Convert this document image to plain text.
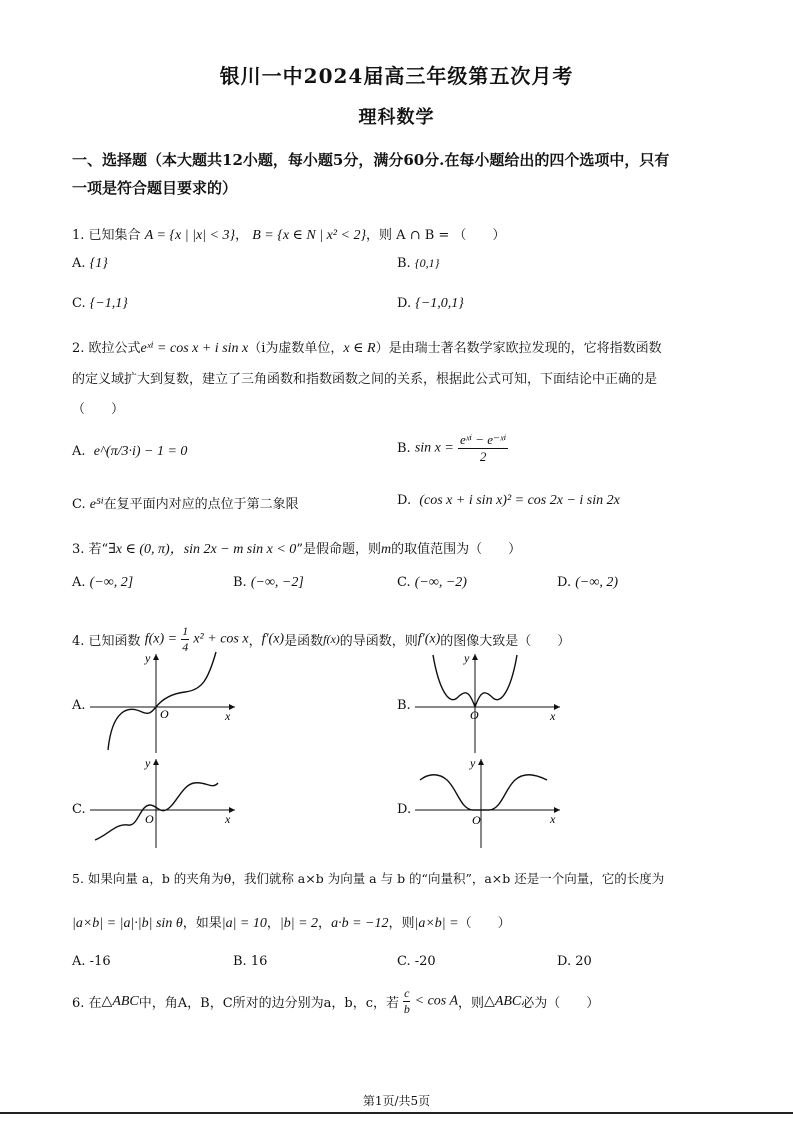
银川一中2024届高三年级第五次月考
理科数学
一、选择题（本大题共12小题，每小题5分，满分60分.在每小题给出的四个选项中，只有
一项是符合题目要求的）
1. 已知集合 A = {x | |x| < 3}， B = {x ∈ N | x² < 2}，则 A ∩ B = （　　）
A. {1}	B. {0,1}
C. {−1,1}	D. {−1,0,1}
2. 欧拉公式eˣⁱ = cos x + i sin x（i为虚数单位，x ∈ R）是由瑞士著名数学家欧拉发现的，它将指数函数
的定义域扩大到复数，建立了三角函数和指数函数之间的关系，根据此公式可知，下面结论中正确的是
（　　）
A. e^(π/3·i) − 1 = 0	B. sin x =
eˣⁱ − e⁻ˣⁱ
2
C. e⁵ⁱ在复平面内对应的点位于第二象限	D. (cos x + i sin x)² = cos 2x − i sin 2x
3. 若“∃x ∈ (0, π)，sin 2x − m sin x < 0”是假命题，则m的取值范围为（　　）
A. (−∞, 2]	B. (−∞, −2]	C. (−∞, −2)	D. (−∞, 2)
4. 已知函数 $f(x) = \frac{1}{4} x^2 + \cos x$，f′(x)是函数f(x)的导函数，则f′(x)的图像大致是（　　）
A.	B.
C.	D.
x
y
O	x
y
O
x
y
O	x
y
O
5. 如果向量 a，b 的夹角为θ，我们就称 a×b 为向量 a 与 b 的“向量积”，a×b 还是一个向量，它的长度为
|a×b| = |a|·|b| sin θ，如果|a| = 10，|b| = 2，a·b = −12，则|a×b| =（　　）
A. -16	B. 16	C. -20	D. 20
6. 在△ABC中，角A，B，C所对的边分别为a，b，c，若 $\frac{c}{b} < \cos A$，则△ABC必为（　　）
第1页/共5页
